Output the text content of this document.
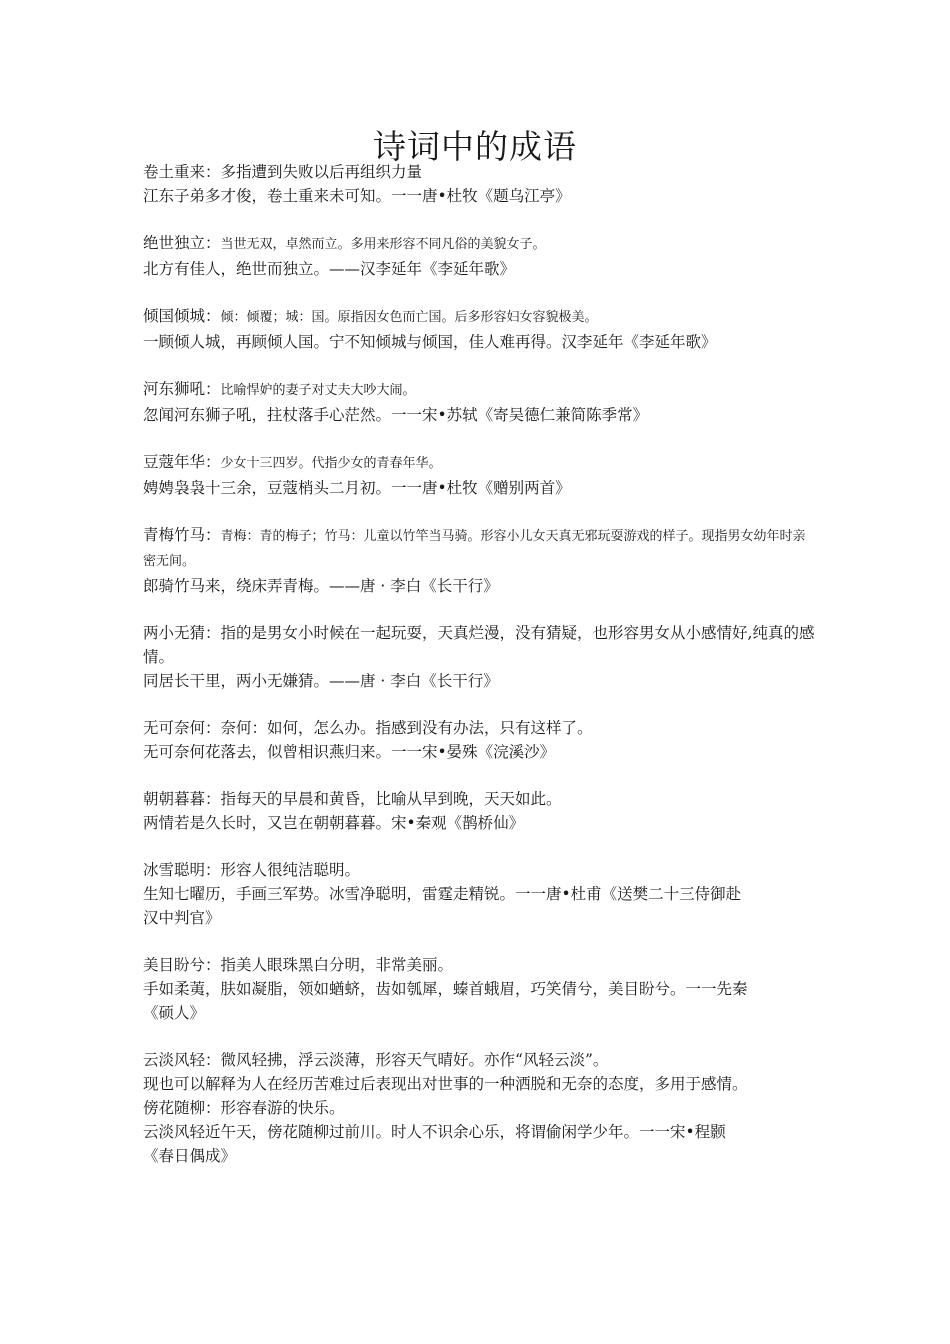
诗词中的成语

卷土重来：多指遭到失败以后再组织力量

江东子弟多才俊，卷土重来未可知。一一唐•杜牧《题乌江亭》

绝世独立：当世无双，卓然而立。多用来形容不同凡俗的美貌女子。

北方有佳人，绝世而独立。——汉李延年《李延年歌》

倾国倾城：倾：倾覆；城：国。原指因女色而亡国。后多形容妇女容貌极美。

一顾倾人城，再顾倾人国。宁不知倾城与倾国，佳人难再得。汉李延年《李延年歌》

河东狮吼：比喻悍妒的妻子对丈夫大吵大闹。

忽闻河东狮子吼，拄杖落手心茫然。一一宋•苏轼《寄吴德仁兼简陈季常》

豆蔻年华：少女十三四岁。代指少女的青春年华。

娉娉袅袅十三余，豆蔻梢头二月初。一一唐•杜牧《赠别两首》

青梅竹马：青梅：青的梅子；竹马：儿童以竹竿当马骑。形容小儿女天真无邪玩耍游戏的样子。现指男女幼年时亲密无间。

郎骑竹马来，绕床弄青梅。——唐 · 李白《长干行》

两小无猜：指的是男女小时候在一起玩耍，天真烂漫，没有猜疑，也形容男女从小感情好,纯真的感情。

同居长干里，两小无嫌猜。——唐 · 李白《长干行》

无可奈何：奈何：如何，怎么办。指感到没有办法，只有这样了。

无可奈何花落去，似曾相识燕归来。一一宋•晏殊《浣溪沙》

朝朝暮暮：指每天的早晨和黄昏，比喻从早到晚，天天如此。

两情若是久长时，又岂在朝朝暮暮。宋•秦观《鹊桥仙》

冰雪聪明：形容人很纯洁聪明。

生知七曜历，手画三军势。冰雪净聪明，雷霆走精锐。一一唐•杜甫《送樊二十三侍御赴

汉中判官》

美目盼兮：指美人眼珠黑白分明，非常美丽。

手如柔荑，肤如凝脂，领如蝤蛴，齿如瓠犀，螓首蛾眉，巧笑倩兮，美目盼兮。一一先秦

《硕人》

云淡风轻：微风轻拂，浮云淡薄，形容天气晴好。亦作“风轻云淡”。

现也可以解释为人在经历苦难过后表现出对世事的一种洒脱和无奈的态度，多用于感情。

傍花随柳：形容春游的快乐。

云淡风轻近午天，傍花随柳过前川。时人不识余心乐，将谓偷闲学少年。一一宋•程颢

《春日偶成》
